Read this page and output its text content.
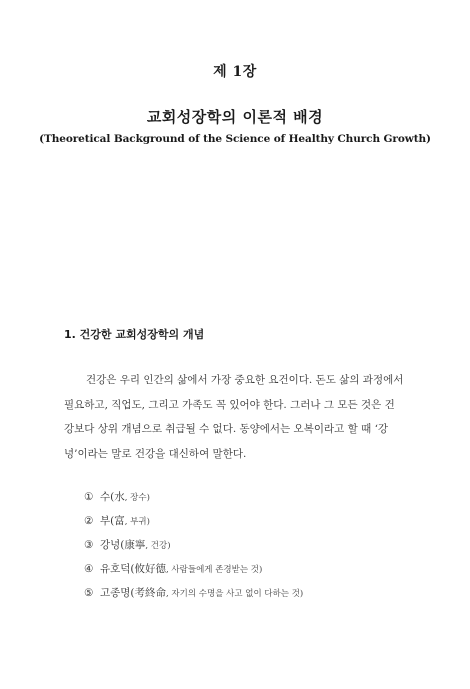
제 1장
교회성장학의 이론적 배경
(Theoretical Background of the Science of Healthy Church Growth)
1. 건강한 교회성장학의 개념
건강은 우리 인간의 삶에서 가장 중요한 요건이다. 돈도 삶의 과정에서
필요하고, 직업도, 그리고 가족도 꼭 있어야 한다. 그러나 그 모든 것은 건
강보다 상위 개념으로 취급될 수 없다. 동양에서는 오복이라고 할 때 ‘강
녕’이라는 말로 건강을 대신하여 말한다.
① 수(水, 장수)
② 부(富, 부귀)
③ 강녕(康寧, 건강)
④ 유호덕(攸好德, 사람들에게 존경받는 것)
⑤ 고종명(考終命, 자기의 수명을 사고 없이 다하는 것)
